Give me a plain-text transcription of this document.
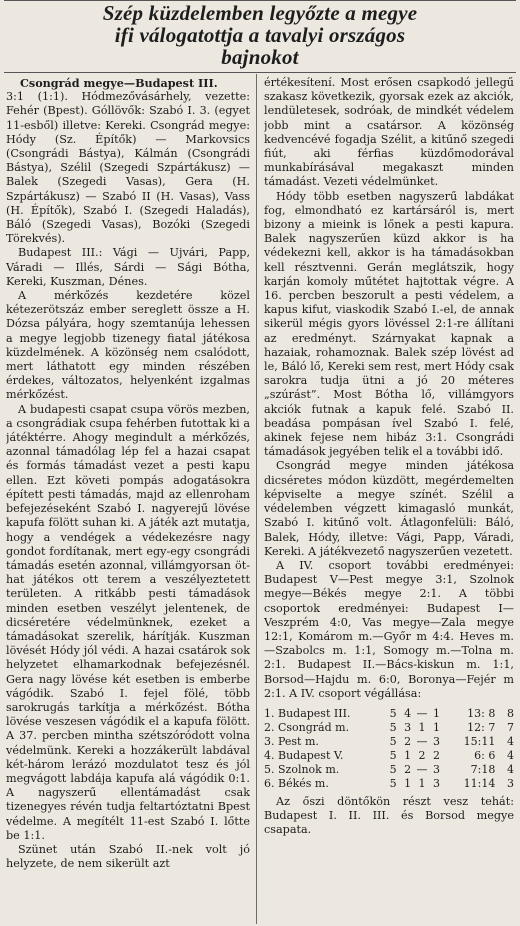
Szép küzdelemben legyőzte a megye
ifi válogatottja a tavalyi országos
bajnokot

Csongrád megye—Budapest III.

3:1 (1:1). Hódmezővásárhely, vezette: Fehér (Bpest). Góllövők: Szabó I. 3. (egyet 11-esből) illetve: Kereki. Csongrád megye: Hódy (Sz. Építők) — Markovsics (Csongrádi Bástya), Kálmán (Csongrádi Bástya), Szélil (Szegedi Szpártákusz) — Balek (Szegedi Vasas), Gera (H. Szpártákusz) — Szabó II (H. Vasas), Vass (H. Építők), Szabó I. (Szegedi Haladás), Báló (Szegedi Vasas), Bozóki (Szegedi Törekvés).

Budapest III.: Vági — Ujvári, Papp, Váradi — Illés, Sárdi — Sági Bótha, Kereki, Kuszman, Dénes.

A mérkőzés kezdetére közel kétezerötszáz ember sereglett össze a H. Dózsa pályára, hogy szemtanúja lehessen a megye legjobb tizenegy fiatal játékosa küzdelmének. A közönség nem csalódott, mert láthatott egy minden részében érdekes, változatos, helyenként izgalmas mérkőzést.

A budapesti csapat csupa vörös mezben, a csongrádiak csupa fehérben futottak ki a játéktérre. Ahogy megindult a mérkőzés, azonnal támadólag lép fel a hazai csapat és formás támadást vezet a pesti kapu ellen. Ezt követi pompás adogatásokra épített pesti támadás, majd az ellenroham befejezéseként Szabó I. nagyerejű lövése kapufa fölött suhan ki. A játék azt mutatja, hogy a vendégek a védekezésre nagy gondot fordítanak, mert egy-egy csongrádi támadás esetén azonnal, villámgyorsan öt-hat játékos ott terem a veszélyeztetett területen. A ritkább pesti támadások minden esetben veszélyt jelentenek, de dicséretére védelmünknek, ezeket a támadásokat szerelik, hárítják. Kuszman lövését Hódy jól védi. A hazai csatárok sok helyzetet elhamarkodnak befejezésnél. Gera nagy lövése két esetben is emberbe vágódik. Szabó I. fejel fölé, több sarokrugás tarkítja a mérkőzést. Bótha lövése veszesen vágódik el a kapufa fölött. A 37. percben mintha szétszóródott volna védelmünk. Kereki a hozzákerült labdával két-három lerázó mozdulatot tesz és jól megvágott labdája kapufa alá vágódik 0:1. A nagyszerű ellentámadást csak tizenegyes révén tudja feltartóztatni Bpest védelme. A megítélt 11-est Szabó I. lőtte be 1:1.

Szünet után Szabó II.-nek volt jó helyzete, de nem sikerült azt

értékesítení. Most erősen csapkodó jellegű szakasz következik, gyorsak ezek az akciók, lendületesek, sodróak, de mindkét védelem jobb mint a csatársor. A közönség kedvencévé fogadja Szélit, a kitűnő szegedi fiút, aki férfias küzdőmodorával munkabírásával megakaszt minden támadást. Vezeti védelmünket.

Hódy több esetben nagyszerű labdákat fog, elmondható ez kartársáról is, mert bizony a mieink is lőnek a pesti kapura. Balek nagyszerűen küzd akkor is ha védekezni kell, akkor is ha támadásokban kell résztvenni. Gerán meglátszik, hogy karján komoly műtétet hajtottak végre. A 16. percben beszorult a pesti védelem, a kapus kifut, viaskodik Szabó I.-el, de annak sikerül mégis gyors lövéssel 2:1-re állítani az eredményt. Szárnyakat kapnak a hazaiak, rohamoznak. Balek szép lövést ad le, Báló lő, Kereki sem rest, mert Hódy csak sarokra tudja ütni a jó 20 méteres „szúrást”. Most Bótha lő, villámgyors akciók futnak a kapuk felé. Szabó II. beadása pompásan ível Szabó I. felé, akinek fejese nem hibáz 3:1. Csongrádi támadások jegyében telik el a további idő.

Csongrád megye minden játékosa dicséretes módon küzdött, megérdemelten képviselte a megye színét. Szélil a védelemben végzett kimagasló munkát, Szabó I. kitűnő volt. Átlagonfelüli: Báló, Balek, Hódy, illetve: Vági, Papp, Váradi, Kereki. A játékvezető nagyszerűen vezetett.

A IV. csoport további eredményei: Budapest V—Pest megye 3:1, Szolnok megye—Békés megye 2:1. A többi csoportok eredményei: Budapest I—Veszprém 4:0, Vas megye—Zala megye 12:1, Komárom m.—Győr m 4:4. Heves m.—Szabolcs m. 1:1, Somogy m.—Tolna m. 2:1. Budapest II.—Bács-kiskun m. 1:1, Borsod—Hajdu m. 6:0, Boronya—Fejér m 2:1. A IV. csoport végállása:

1. Budapest III.	5	4	—	1	13: 8	8
2. Csongrád m.	5	3	1	1	12: 7	7
3. Pest m.	5	2	—	3	15:11	4
4. Budapest V.	5	1	2	2	6: 6	4
5. Szolnok m.	5	2	—	3	7:18	4
6. Békés m.	5	1	1	3	11:14	3

Az őszi döntőkön részt vesz tehát: Budapest I. II. III. és Borsod megye csapata.
